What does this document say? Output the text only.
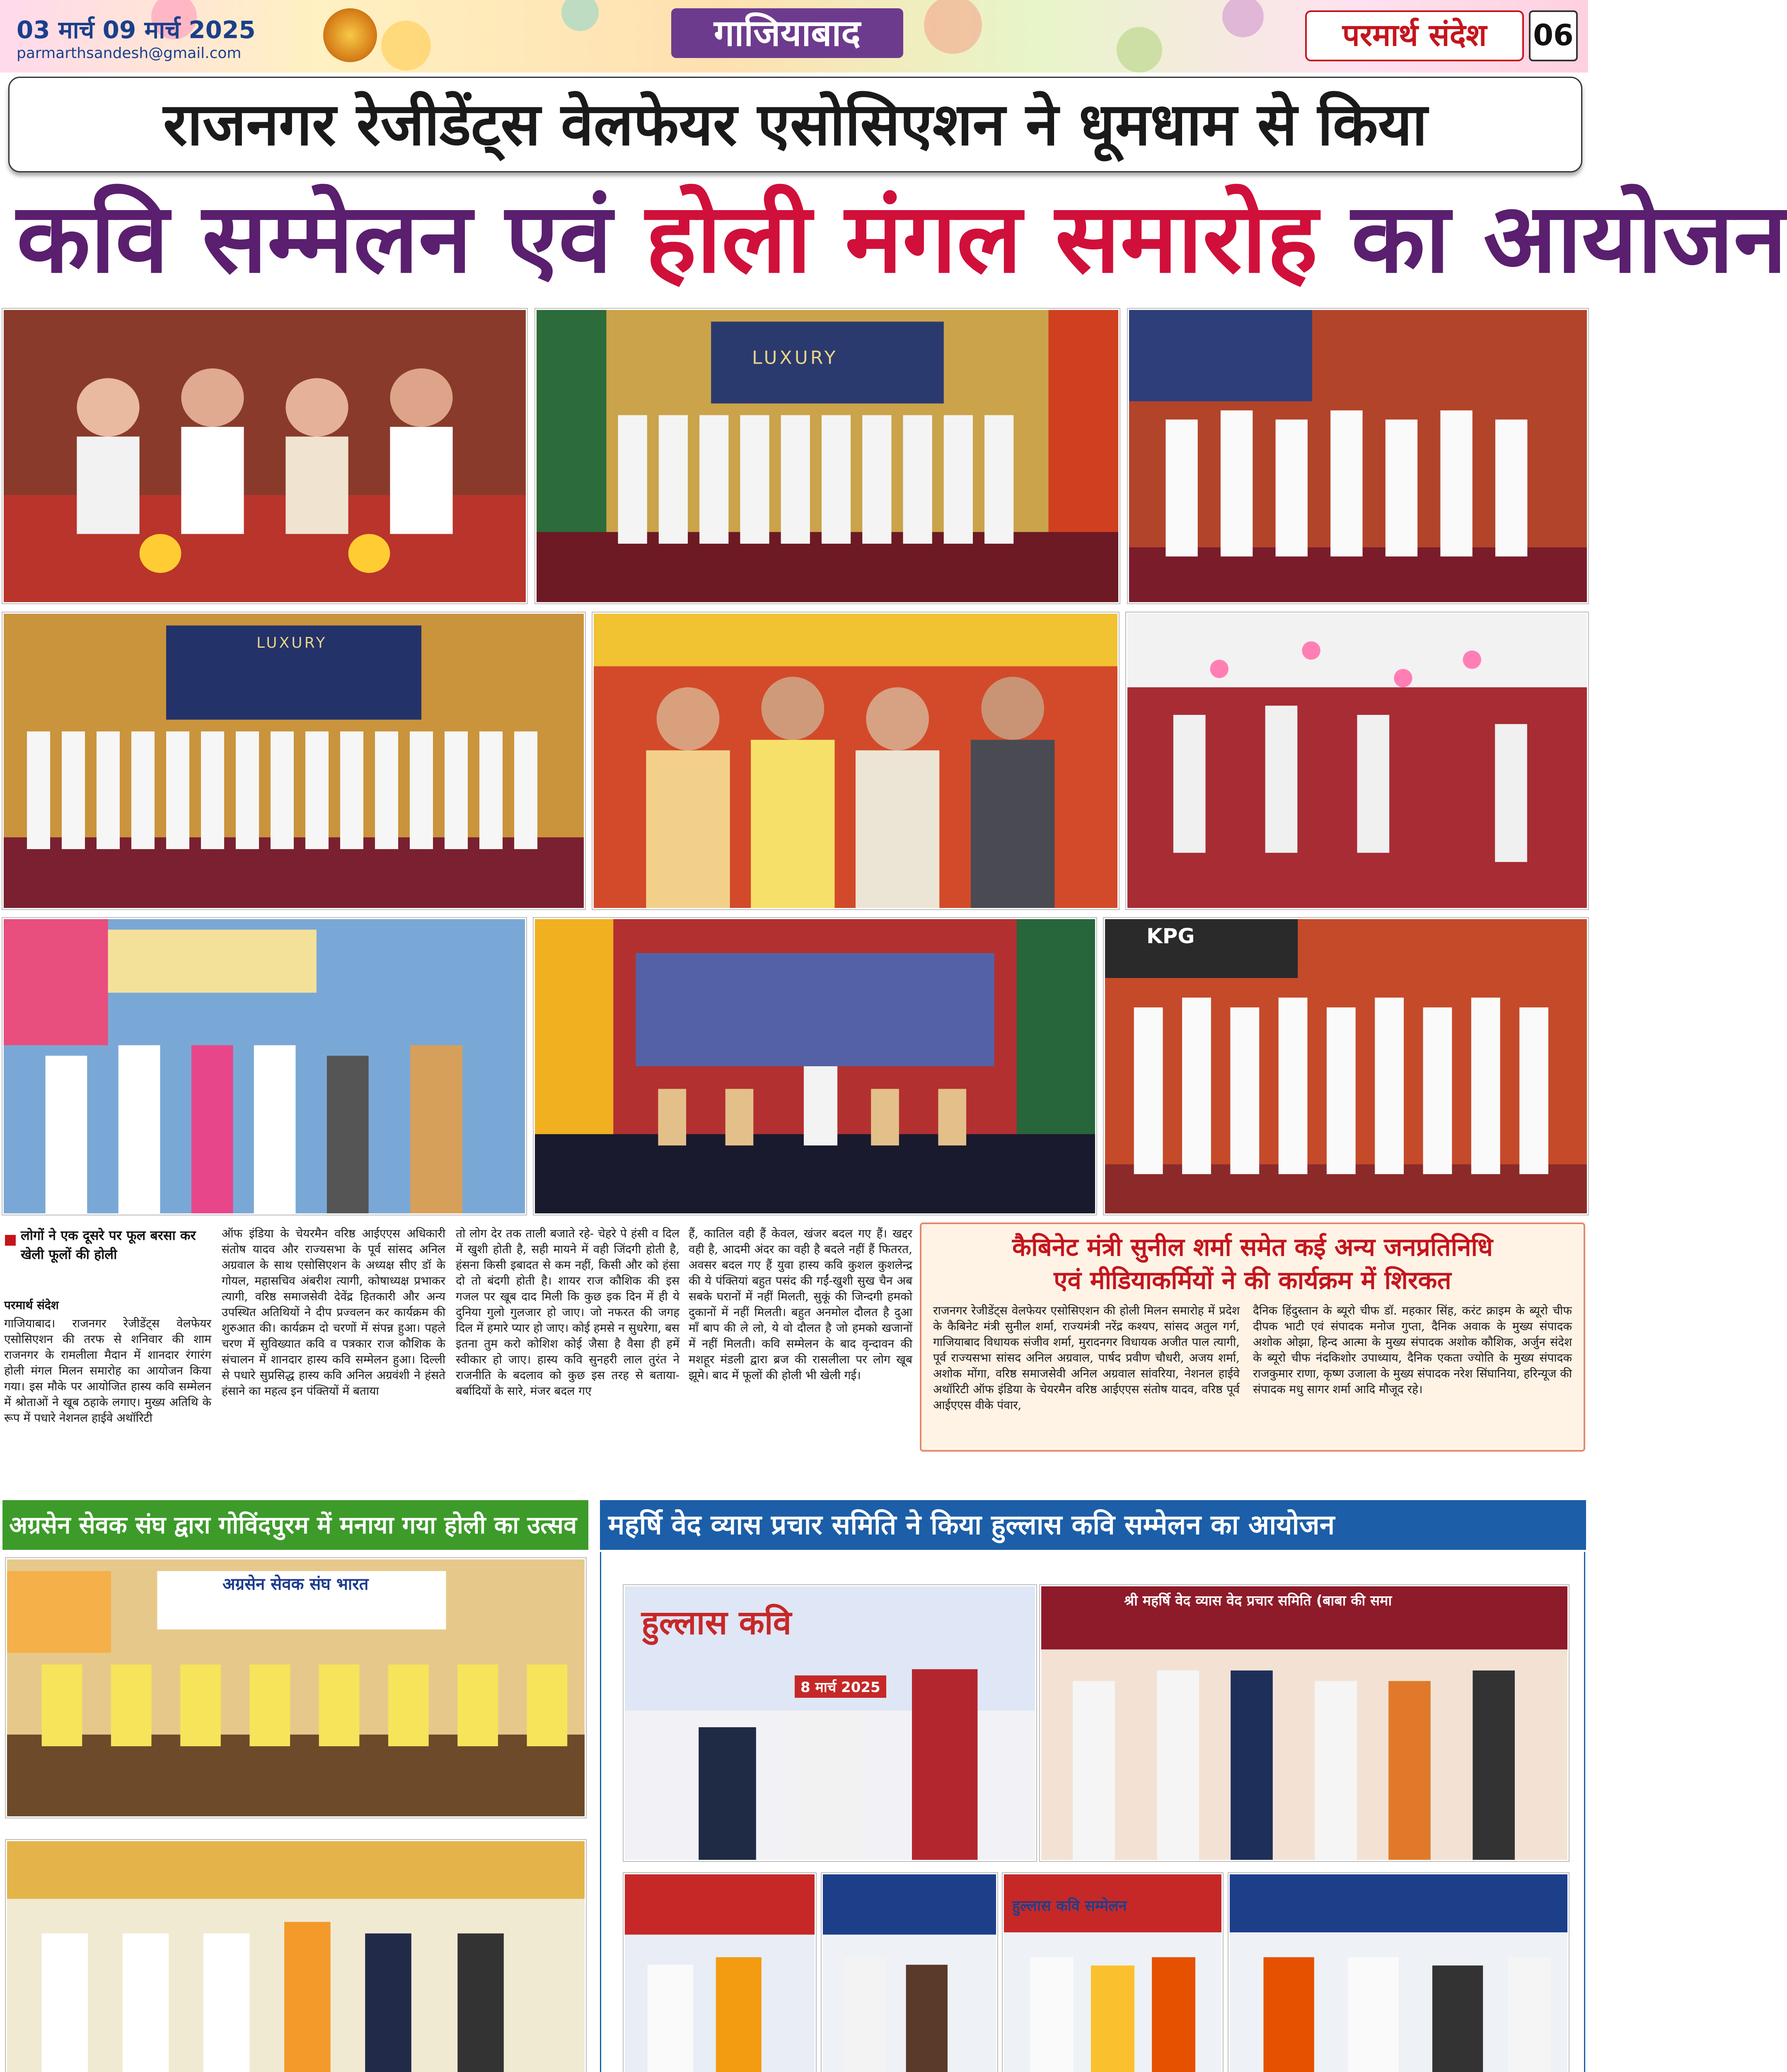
03 मार्च 09 मार्च 2025
parmarthsandesh@gmail.com	गाजियाबाद	परमार्थ संदेश	06
राजनगर रेजीडेंट्स वेलफेयर एसोसिएशन ने धूमधाम से किया
कवि सम्मेलन एवं होली मंगल समारोह का आयोजन
LUXURY
LUXURY
KPG
लोगों ने एक दूसरे पर फूल बरसा कर खेली फूलों की होली
परमार्थ संदेश
गाजियाबाद। राजनगर रेजीडेंट्स वेलफेयर एसोसिएशन की तरफ से शनिवार की शाम राजनगर के रामलीला मैदान में शानदार रंगारंग होली मंगल मिलन समारोह का आयोजन किया गया। इस मौके पर आयोजित हास्य कवि सम्मेलन में श्रोताओं ने खूब ठहाके लगाए। मुख्य अतिथि के रूप में पधारे नेशनल हाईवे अथॉरिटी
ऑफ इंडिया के चेयरमैन वरिष्ठ आईएएस अधिकारी संतोष यादव और राज्यसभा के पूर्व सांसद अनिल अग्रवाल के साथ एसोसिएशन के अध्यक्ष सीए डॉ के गोयल, महासचिव अंबरीश त्यागी, कोषाध्यक्ष प्रभाकर त्यागी, वरिष्ठ समाजसेवी देवेंद्र हितकारी और अन्य उपस्थित अतिथियों ने दीप प्रज्वलन कर कार्यक्रम की शुरुआत की। कार्यक्रम दो चरणों में संपन्न हुआ। पहले चरण में सुविख्यात कवि व पत्रकार राज कौशिक के संचालन में शानदार हास्य कवि सम्मेलन हुआ। दिल्ली से पधारे सुप्रसिद्ध हास्य कवि अनिल अग्रवंशी ने हंसते हंसाने का महत्व इन पंक्तियों में बताया
तो लोग देर तक ताली बजाते रहे- चेहरे पे हंसी व दिल में खुशी होती है, सही मायने में वही जिंदगी होती है, हंसना किसी इबादत से कम नहीं, किसी और को हंसा दो तो बंदगी होती है। शायर राज कौशिक की इस गजल पर खूब दाद मिली कि कुछ इक दिन में ही ये दुनिया गुलो गुलजार हो जाए। जो नफरत की जगह दिल में हमारे प्यार हो जाए। कोई हमसे न सुधरेगा, बस इतना तुम करो कोशिश कोई जैसा है वैसा ही हमें स्वीकार हो जाए। हास्य कवि सुनहरी लाल तुरंत ने राजनीति के बदलाव को कुछ इस तरह से बताया-बर्बादियों के सारे, मंजर बदल गए
हैं, कातिल वही हैं केवल, खंजर बदल गए हैं। खद्दर वही है, आदमी अंदर का वही है बदले नहीं हैं फितरत, अवसर बदल गए हैं युवा हास्य कवि कुशल कुशलेन्द्र की ये पंक्तियां बहुत पसंद की गईं-खुशी सुख चैन अब सबके घरानों में नहीं मिलती, सुकूं की जिन्दगी हमको दुकानों में नहीं मिलती। बहुत अनमोल दौलत है दुआ माँ बाप की ले लो, ये वो दौलत है जो हमको खजानों में नहीं मिलती। कवि सम्मेलन के बाद वृन्दावन की मशहूर मंडली द्वारा ब्रज की रासलीला पर लोग खूब झूमे। बाद में फूलों की होली भी खेली गई।
कैबिनेट मंत्री सुनील शर्मा समेत कई अन्य जनप्रतिनिधि
एवं मीडियाकर्मियों ने की कार्यक्रम में शिरकत
राजनगर रेजीडेंट्स वेलफेयर एसोसिएशन की होली मिलन समारोह में प्रदेश के कैबिनेट मंत्री सुनील शर्मा, राज्यमंत्री नरेंद्र कश्यप, सांसद अतुल गर्ग, गाजियाबाद विधायक संजीव शर्मा, मुरादनगर विधायक अजीत पाल त्यागी, पूर्व राज्यसभा सांसद अनिल अग्रवाल, पार्षद प्रवीण चौधरी, अजय शर्मा, अशोक मोंगा, वरिष्ठ समाजसेवी अनिल अग्रवाल सांवरिया, नेशनल हाईवे अथॉरिटी ऑफ इंडिया के चेयरमैन वरिष्ठ आईएएस संतोष यादव, वरिष्ठ पूर्व आईएएस वीके पंवार,
दैनिक हिंदुस्तान के ब्यूरो चीफ डॉ. महकार सिंह, करंट क्राइम के ब्यूरो चीफ दीपक भाटी एवं संपादक मनोज गुप्ता, दैनिक अवाक के मुख्य संपादक अशोक ओझा, हिन्द आत्मा के मुख्य संपादक अशोक कौशिक, अर्जुन संदेश के ब्यूरो चीफ नंदकिशोर उपाध्याय, दैनिक एकता ज्योति के मुख्य संपादक राजकुमार राणा, कृष्ण उजाला के मुख्य संपादक नरेश सिंघानिया, हरिन्यूज की संपादक मधु सागर शर्मा आदि मौजूद रहे।
अग्रसेन सेवक संघ द्वारा गोविंदपुरम में मनाया गया होली का उत्सव
अग्रसेन सेवक संघ भारत
महर्षि वेद व्यास प्रचार समिति ने किया हुल्लास कवि सम्मेलन का आयोजन
हुल्लास कवि
8 मार्च 2025
श्री महर्षि वेद व्यास वेद प्रचार समिति (बाबा की समा
हुल्लास कवि सम्मेलन
